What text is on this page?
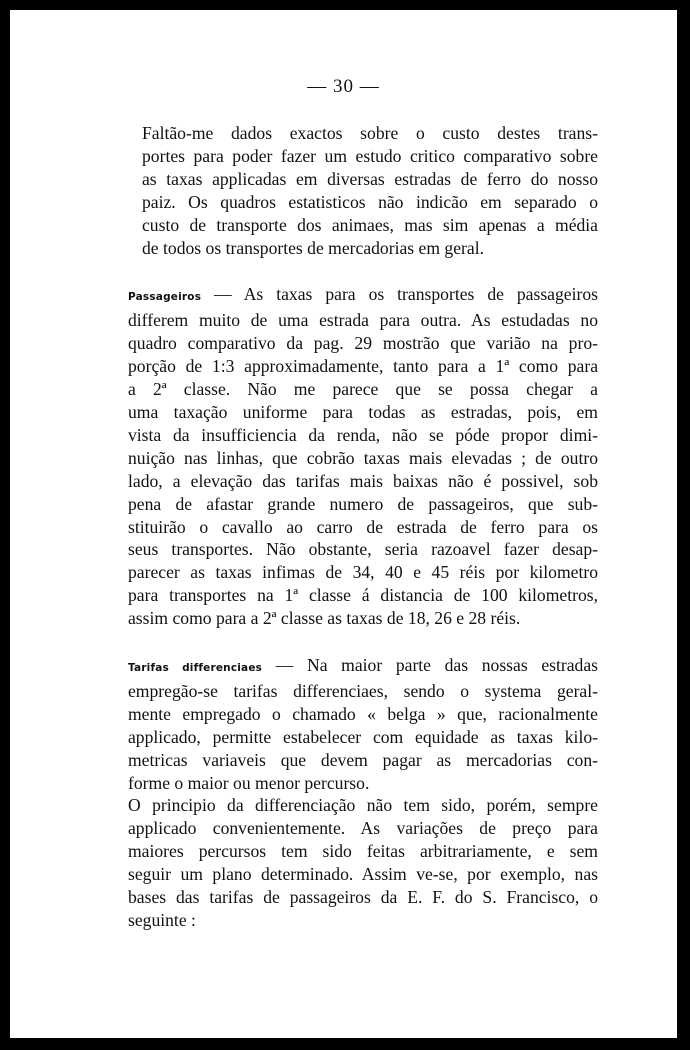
— 30 —

Faltão-me dados exactos sobre o custo destes trans-
portes para poder fazer um estudo critico comparativo sobre
as taxas applicadas em diversas estradas de ferro do nosso
paiz. Os quadros estatisticos não indicão em separado o
custo de transporte dos animaes, mas sim apenas a média
de todos os transportes de mercadorias em geral.

Passageiros — As taxas para os transportes de passageiros
differem muito de uma estrada para outra. As estudadas no
quadro comparativo da pag. 29 mostrão que varião na pro-
porção de 1:3 approximadamente, tanto para a 1ª como para
a 2ª classe. Não me parece que se possa chegar a
uma taxação uniforme para todas as estradas, pois, em
vista da insufficiencia da renda, não se póde propor dimi-
nuição nas linhas, que cobrão taxas mais elevadas ; de outro
lado, a elevação das tarifas mais baixas não é possivel, sob
pena de afastar grande numero de passageiros, que sub-
stituirão o cavallo ao carro de estrada de ferro para os
seus transportes. Não obstante, seria razoavel fazer desap-
parecer as taxas infimas de 34, 40 e 45 réis por kilometro
para transportes na 1ª classe á distancia de 100 kilometros,
assim como para a 2ª classe as taxas de 18, 26 e 28 réis.

Tarifas differenciaes — Na maior parte das nossas estradas
empregão-se tarifas differenciaes, sendo o systema geral-
mente empregado o chamado « belga » que, racionalmente
applicado, permitte estabelecer com equidade as taxas kilo-
metricas variaveis que devem pagar as mercadorias con-
forme o maior ou menor percurso.

O principio da differenciação não tem sido, porém, sempre
applicado convenientemente. As variações de preço para
maiores percursos tem sido feitas arbitrariamente, e sem
seguir um plano determinado. Assim ve-se, por exemplo, nas
bases das tarifas de passageiros da E. F. do S. Francisco, o
seguinte :
